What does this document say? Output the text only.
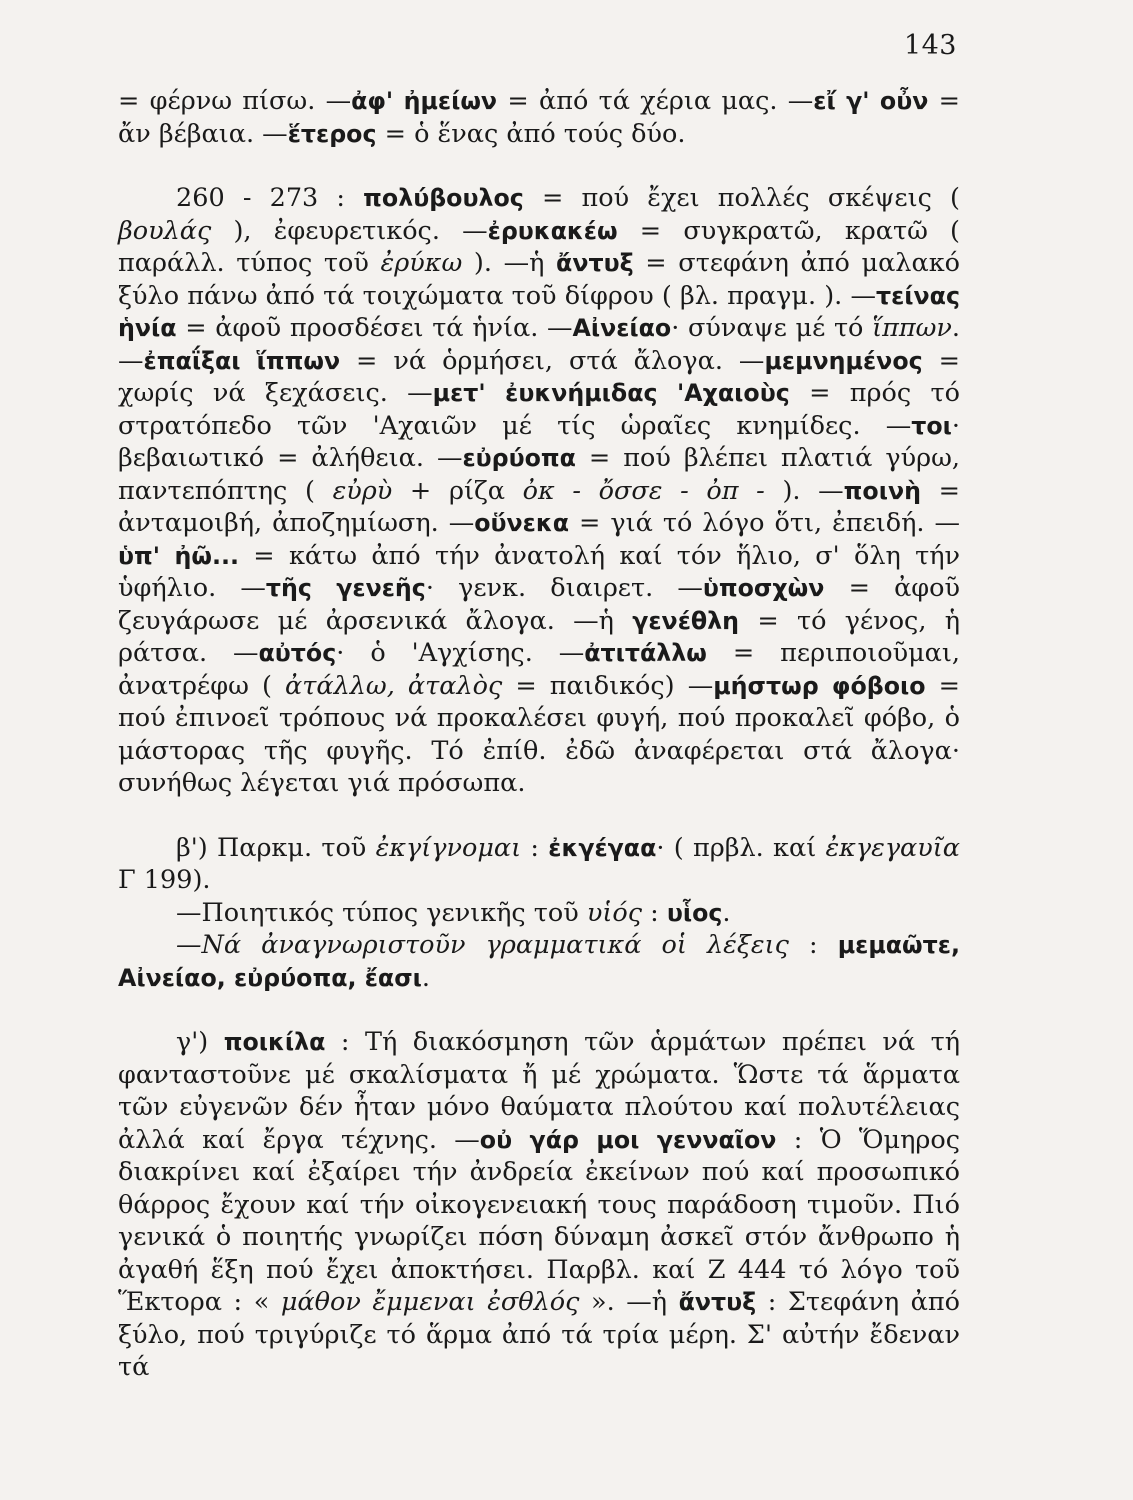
143

= φέρνω πίσω. —ἀφ' ἠμείων = ἀπό τά χέρια μας. —εἴ γ' οὖν = ἄν βέβαια. —ἕτερος = ὁ ἕνας ἀπό τούς δύο.

260 - 273 : πολύβουλος = πού ἔχει πολλές σκέψεις ( βουλάς ), ἐφευρετικός. —ἐρυκακέω = συγκρατῶ, κρατῶ ( παράλλ. τύπος τοῦ ἐρύκω ). —ἡ ἄντυξ = στεφάνη ἀπό μαλακό ξύλο πάνω ἀπό τά τοιχώματα τοῦ δίφρου ( βλ. πραγμ. ). —τείνας ἡνία = ἀφοῦ προσδέσει τά ἡνία. —Αἰνείαο· σύναψε μέ τό ἵππων. —ἐπαΐξαι ἵππων = νά ὁρμήσει, στά ἄλογα. —μεμνημένος = χωρίς νά ξεχάσεις. —μετ' ἐυκνήμιδας 'Αχαιοὺς = πρός τό στρατόπεδο τῶν 'Αχαιῶν μέ τίς ὡραῖες κνημίδες. —τοι· βεβαιωτικό = ἀλήθεια. —εὐρύοπα = πού βλέπει πλατιά γύρω, παντεπόπτης ( εὐρὺ + ρίζα ὀκ - ὄσσε - ὀπ - ). —ποινὴ = ἀνταμοιβή, ἀποζημίωση. —οὕνεκα = γιά τό λόγο ὅτι, ἐπειδή. —ὑπ' ἠῶ... = κάτω ἀπό τήν ἀνατολή καί τόν ἥλιο, σ' ὅλη τήν ὑφήλιο. —τῆς γενεῆς· γενκ. διαιρετ. —ὑποσχὼν = ἀφοῦ ζευγάρωσε μέ ἀρσενικά ἄλογα. —ἡ γενέθλη = τό γένος, ἡ ράτσα. —αὐτός· ὁ 'Αγχίσης. —ἀτιτάλλω = περιποιοῦμαι, ἀνατρέφω ( ἀτάλλω, ἀταλὸς = παιδικός) —μήστωρ φόβοιο = πού ἐπινοεῖ τρόπους νά προκαλέσει φυγή, πού προκαλεῖ φόβο, ὁ μάστορας τῆς φυγῆς. Τό ἐπίθ. ἐδῶ ἀναφέρεται στά ἄλογα· συνήθως λέγεται γιά πρόσωπα.

β') Παρκμ. τοῦ ἐκγίγνομαι : ἐκγέγαα· ( πρβλ. καί ἐκγεγαυῖα Γ 199).

—Ποιητικός τύπος γενικῆς τοῦ υἱός : υἷος.

—Νά ἀναγνωριστοῦν γραμματικά οἱ λέξεις : μεμαῶτε, Αἰνείαο, εὐρύοπα, ἔασι.

γ') ποικίλα : Τή διακόσμηση τῶν ἁρμάτων πρέπει νά τή φανταστοῦνε μέ σκαλίσματα ἤ μέ χρώματα. Ὥστε τά ἅρματα τῶν εὐγενῶν δέν ἦταν μόνο θαύματα πλούτου καί πολυτέλειας ἀλλά καί ἔργα τέχνης. —οὐ γάρ μοι γενναῖον : Ὁ Ὅμηρος διακρίνει καί ἐξαίρει τήν ἀνδρεία ἐκείνων πού καί προσωπικό θάρρος ἔχουν καί τήν οἰκογενειακή τους παράδοση τιμοῦν. Πιό γενικά ὁ ποιητής γνωρίζει πόση δύναμη ἀσκεῖ στόν ἄνθρωπο ἡ ἀγαθή ἕξη πού ἔχει ἀποκτήσει. Παρβλ. καί Ζ 444 τό λόγο τοῦ Ἕκτορα : « μάθον ἔμμεναι ἐσθλός ». —ἡ ἄντυξ : Στεφάνη ἀπό ξύλο, πού τριγύριζε τό ἅρμα ἀπό τά τρία μέρη. Σ' αὐτήν ἔδεναν τά
